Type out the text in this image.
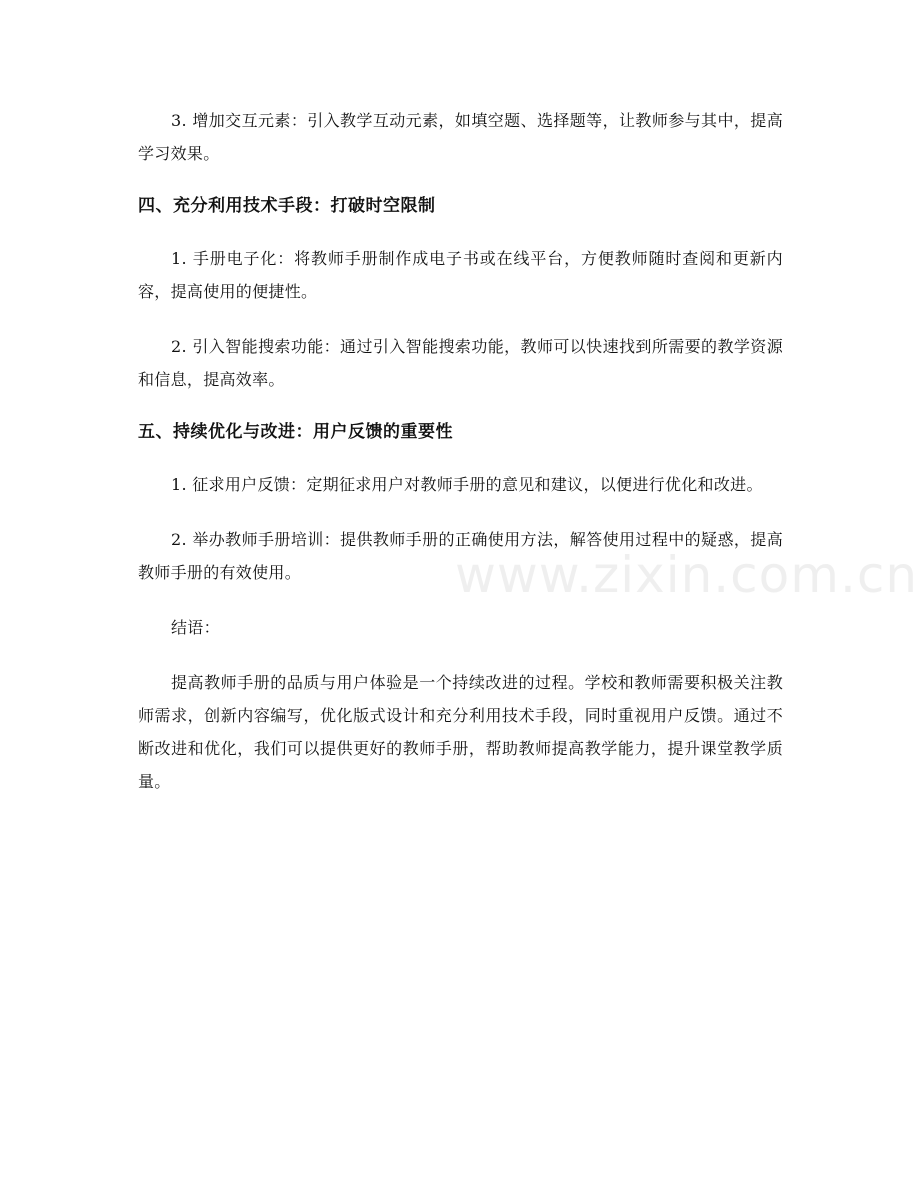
3. 增加交互元素：引入教学互动元素，如填空题、选择题等，让教师参与其中，提高学习效果。

四、充分利用技术手段：打破时空限制

1. 手册电子化：将教师手册制作成电子书或在线平台，方便教师随时查阅和更新内容，提高使用的便捷性。

2. 引入智能搜索功能：通过引入智能搜索功能，教师可以快速找到所需要的教学资源和信息，提高效率。

五、持续优化与改进：用户反馈的重要性

1. 征求用户反馈：定期征求用户对教师手册的意见和建议，以便进行优化和改进。

2. 举办教师手册培训：提供教师手册的正确使用方法，解答使用过程中的疑惑，提高教师手册的有效使用。

结语：

提高教师手册的品质与用户体验是一个持续改进的过程。学校和教师需要积极关注教师需求，创新内容编写，优化版式设计和充分利用技术手段，同时重视用户反馈。通过不断改进和优化，我们可以提供更好的教师手册，帮助教师提高教学能力，提升课堂教学质量。

www.zixin.com.cn
